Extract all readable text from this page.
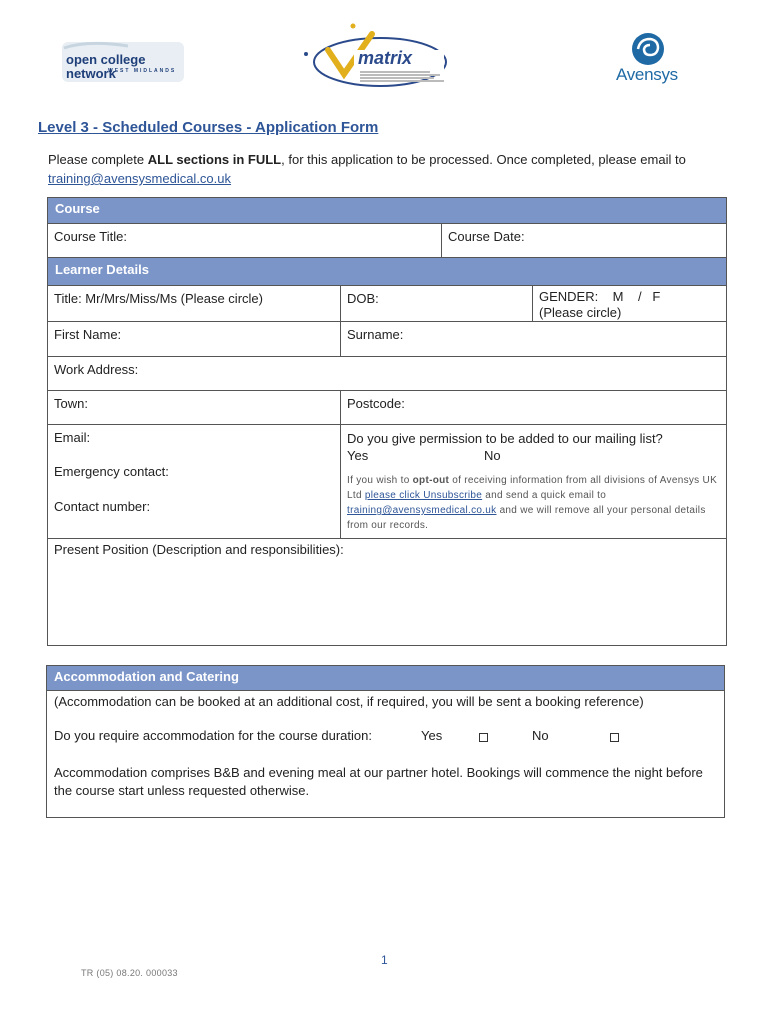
open college network
WEST MIDLANDS
matrix
Avensys
Level 3 - Scheduled Courses - Application Form
Please complete ALL sections in FULL, for this application to be processed. Once completed, please email to training@avensysmedical.co.uk
Course
Course Title:	Course Date:
Learner Details
Title: Mr/Mrs/Miss/Ms (Please circle)	DOB:	GENDER:    M    /   F
(Please circle)
First Name:	Surname:
Work Address:
Town:	Postcode:
Email:
Emergency contact:
Contact number:
Do you give permission to be added to our mailing list?
Yes	No
If you wish to opt-out of receiving information from all divisions of Avensys UK Ltd please click Unsubscribe and send a quick email to training@avensysmedical.co.uk and we will remove all your personal details from our records.
Present Position (Description and responsibilities):
Accommodation and Catering
(Accommodation can be booked at an additional cost, if required, you will be sent a booking reference)
Do you require accommodation for the course duration:	Yes	No
Accommodation comprises B&B and evening meal at our partner hotel. Bookings will commence the night before the course start unless requested otherwise.
1
TR (05) 08.20. 000033
